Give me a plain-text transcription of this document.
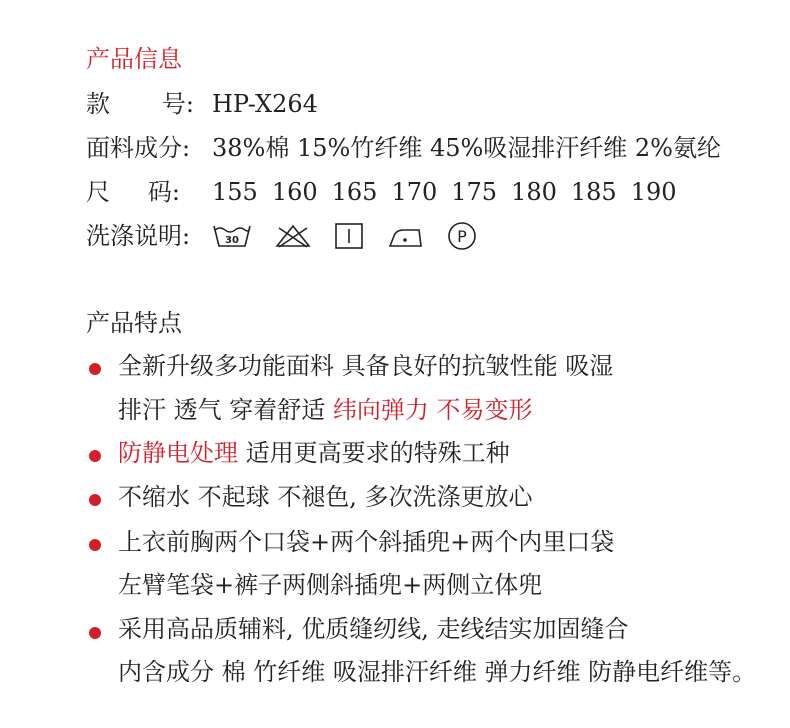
产品信息
款 号: HP-X264
面料成分: 38%棉 15%竹纤维 45%吸湿排汗纤维 2%氨纶
尺 码: 155 160 165 170 175 180 185 190
洗涤说明:	30	P
产品特点
全新升级多功能面料 具备良好的抗皱性能 吸湿
排汗 透气 穿着舒适 纬向弹力 不易变形
防静电处理 适用更高要求的特殊工种
不缩水 不起球 不褪色, 多次洗涤更放心
上衣前胸两个口袋+两个斜插兜+两个内里口袋
左臂笔袋+裤子两侧斜插兜+两侧立体兜
采用高品质辅料, 优质缝纫线, 走线结实加固缝合
内含成分 棉 竹纤维 吸湿排汗纤维 弹力纤维 防静电纤维等。
